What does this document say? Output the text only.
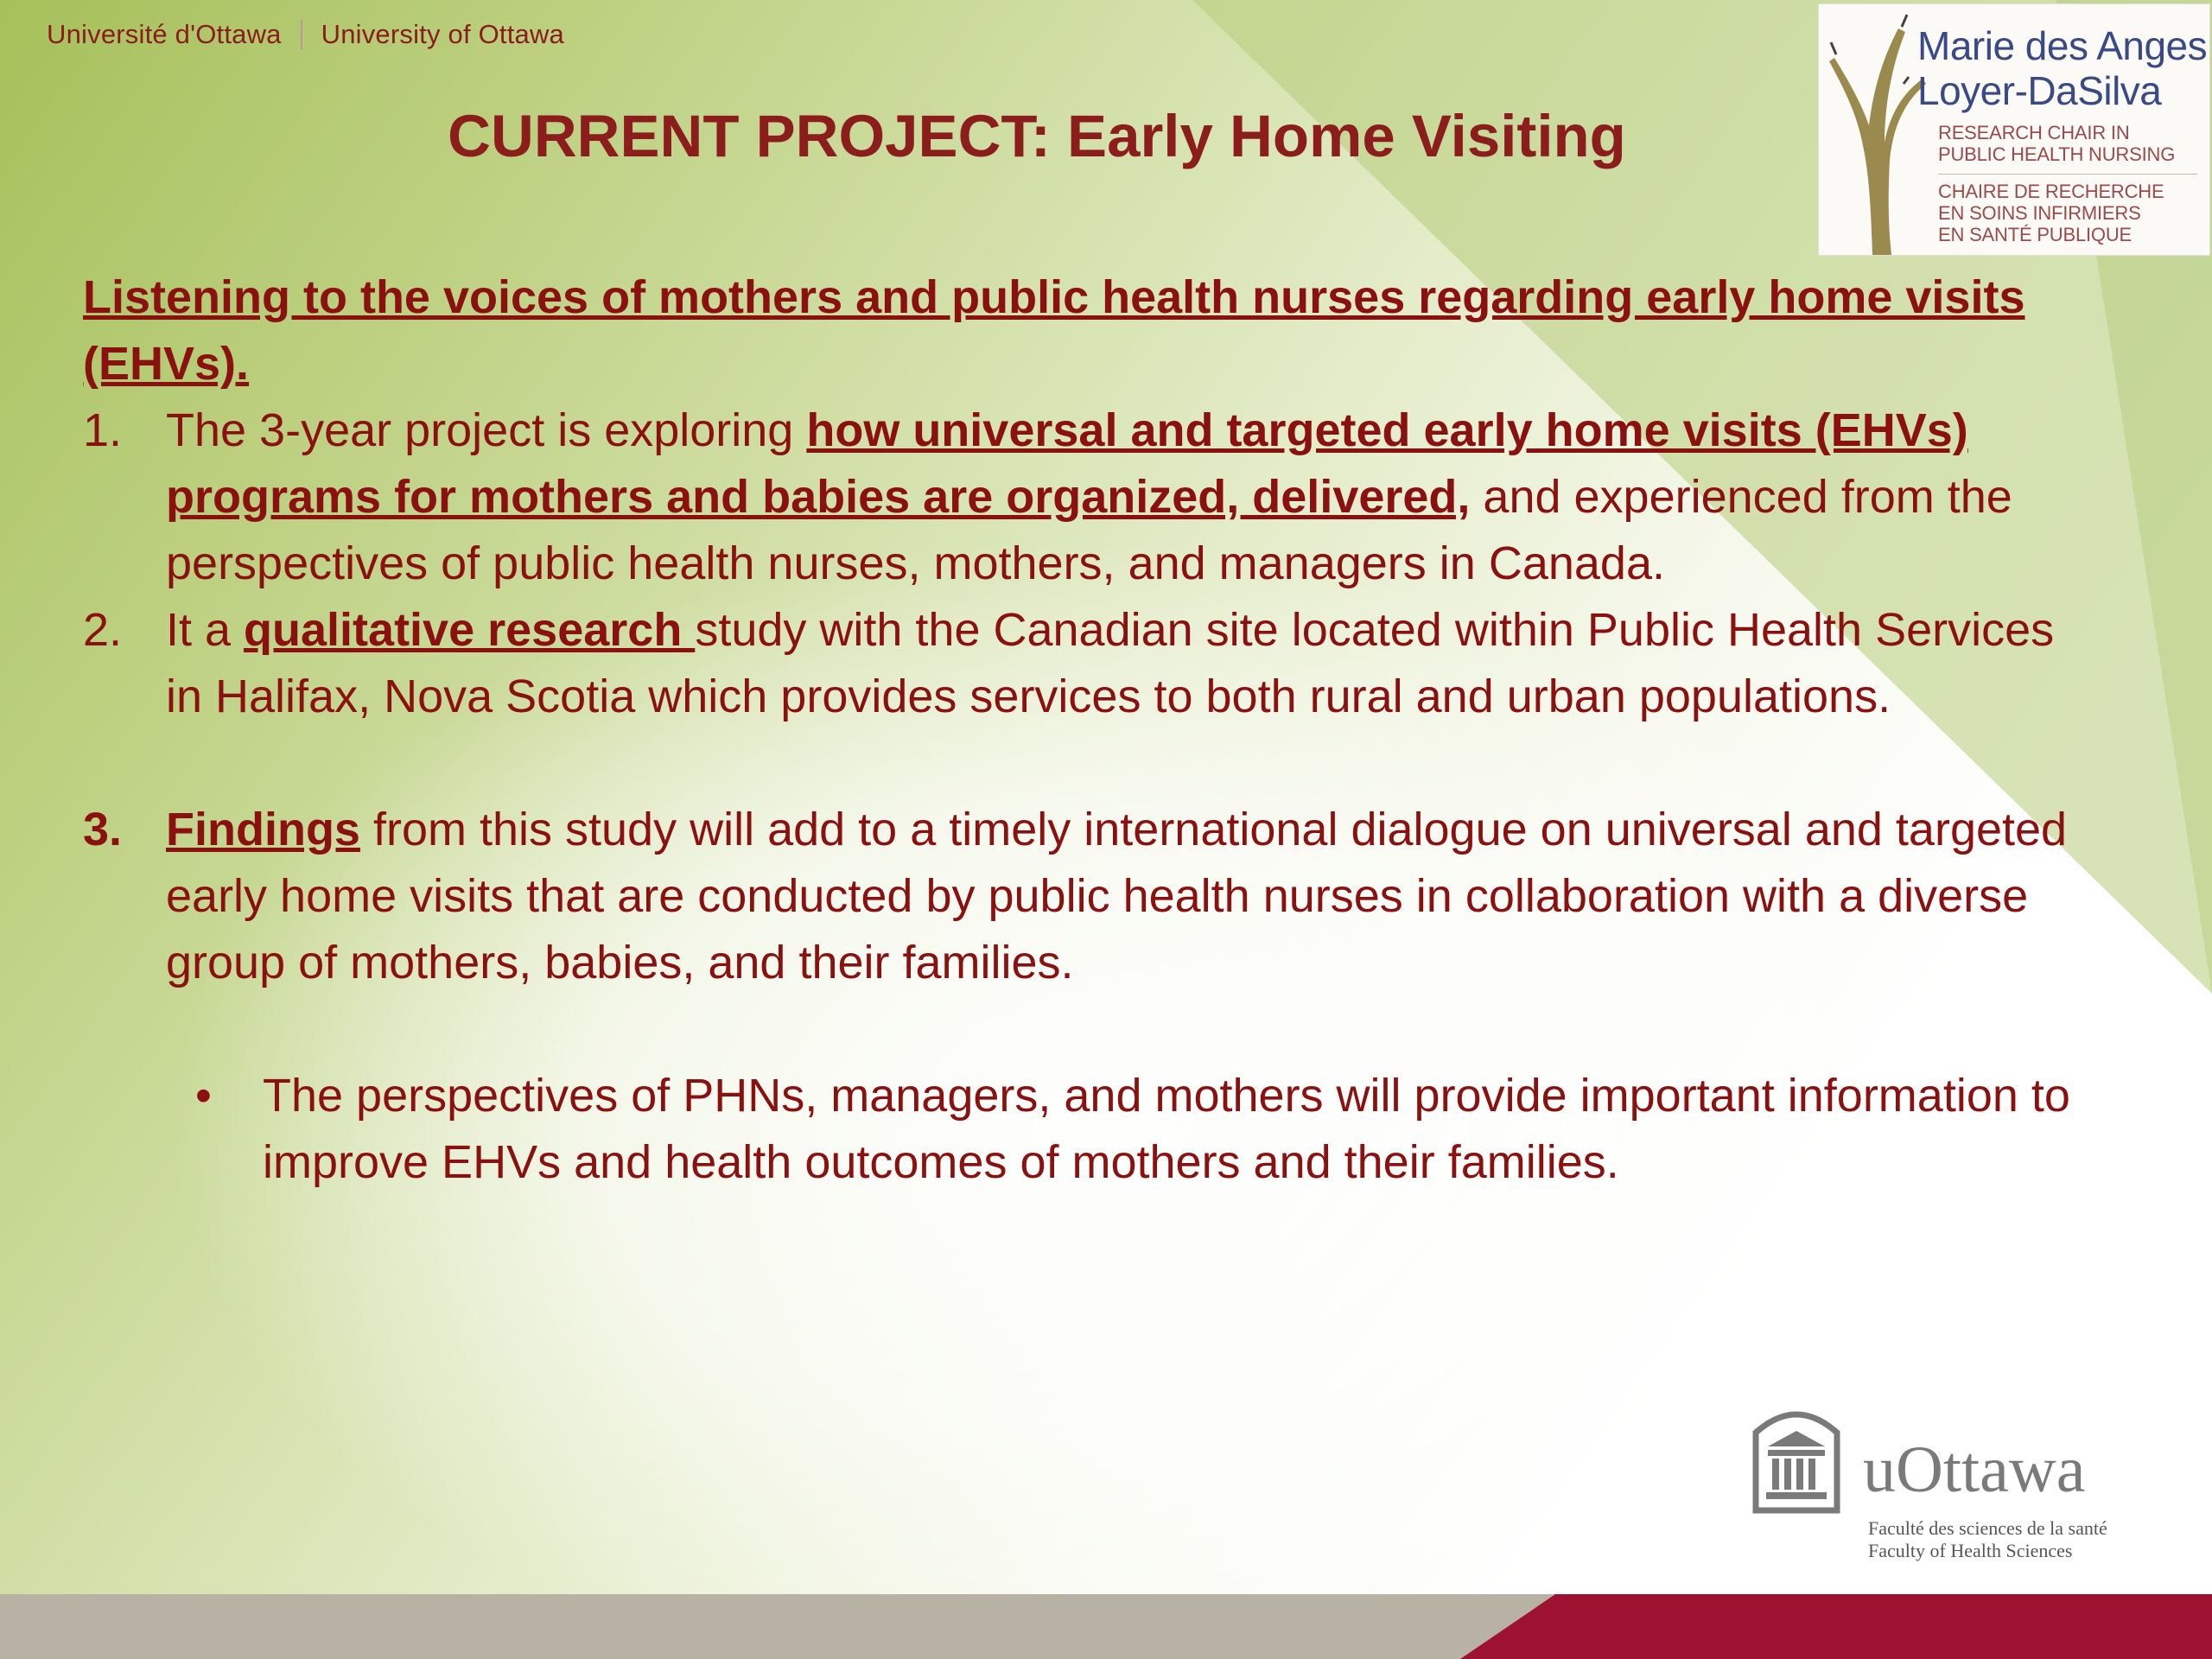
Université d'Ottawa University of Ottawa	Marie des Anges
Loyer-DaSilva
RESEARCH CHAIR IN
PUBLIC HEALTH NURSING
CHAIRE DE RECHERCHE
EN SOINS INFIRMIERS
EN SANTÉ PUBLIQUE
CURRENT PROJECT: Early Home Visiting

Listening to the voices of mothers and public health nurses regarding early home visits (EHVs).

1. The 3-year project is exploring how universal and targeted early home visits (EHVs) programs for mothers and babies are organized, delivered, and experienced from the perspectives of public health nurses, mothers, and managers in Canada.

2. It a qualitative research study with the Canadian site located within Public Health Services in Halifax, Nova Scotia which provides services to both rural and urban populations.

3. Findings from this study will add to a timely international dialogue on universal and targeted early home visits that are conducted by public health nurses in collaboration with a diverse group of mothers, babies, and their families.

• The perspectives of PHNs, managers, and mothers will provide important information to improve EHVs and health outcomes of mothers and their families.

uOttawa
Faculté des sciences de la santé
Faculty of Health Sciences
